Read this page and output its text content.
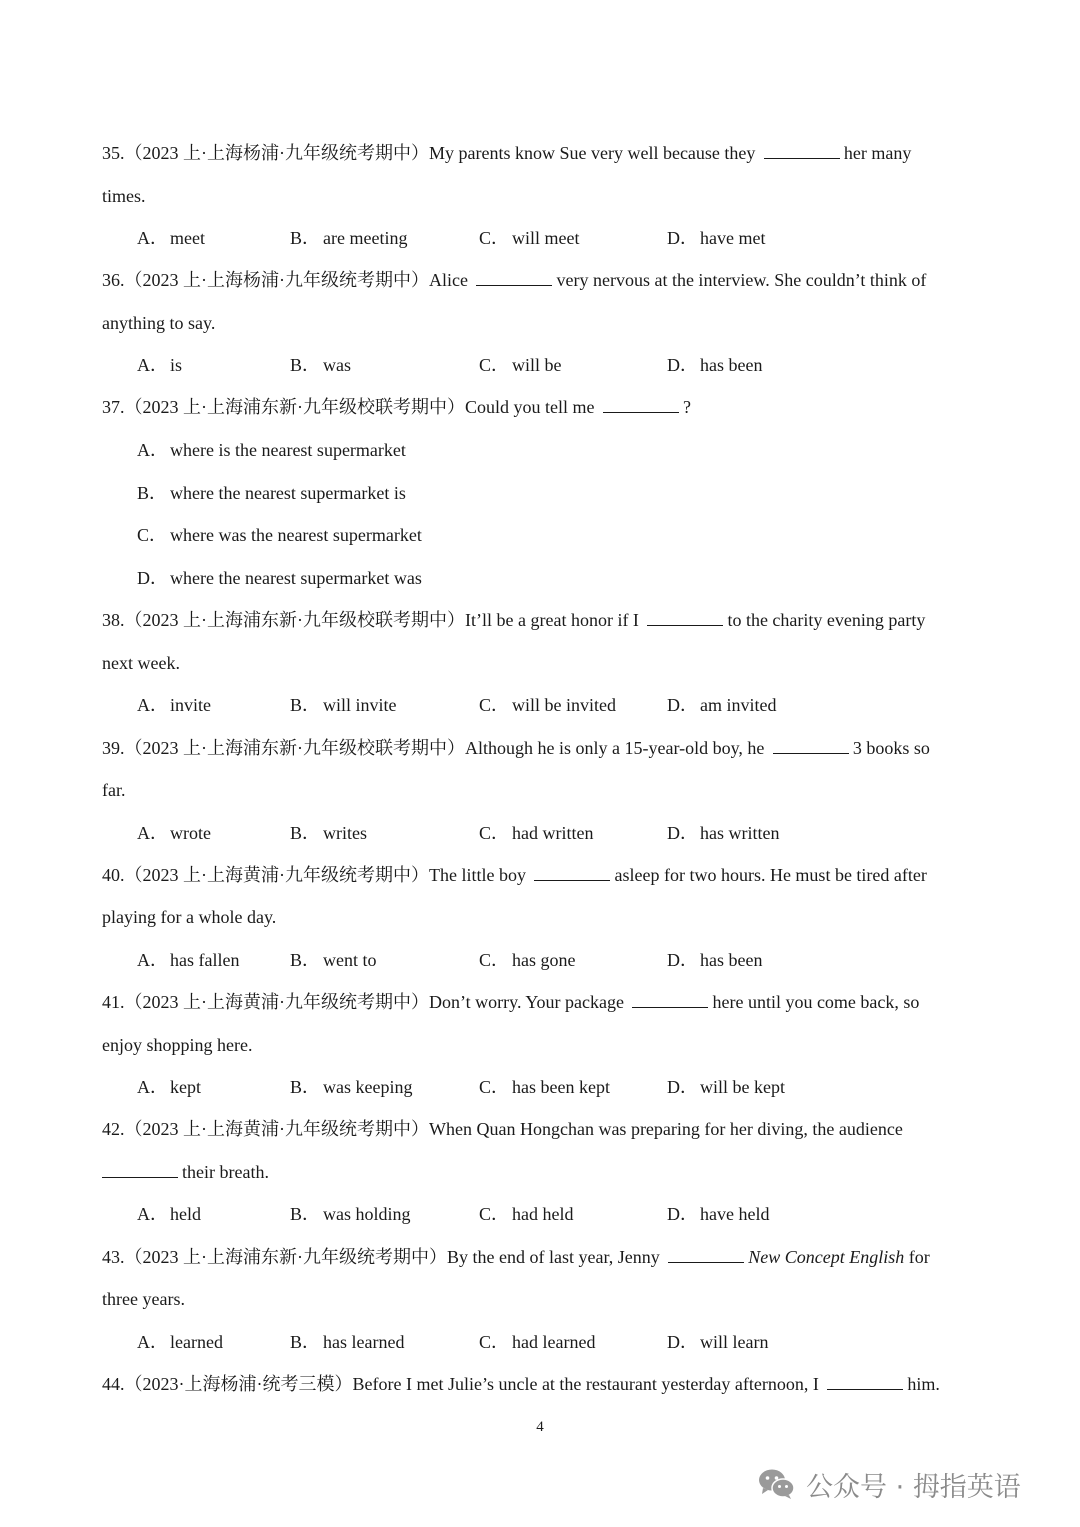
35.（2023 上·上海杨浦·九年级统考期中）My parents know Sue very well because they	her many
times.
A． meet	B． are meeting	C． will meet	D． have met
36.（2023 上·上海杨浦·九年级统考期中）Alice	very nervous at the interview. She couldn’t think of
anything to say.
A． is	B． was	C． will be	D． has been
37.（2023 上·上海浦东新·九年级校联考期中）Could you tell me	?
A． where is the nearest supermarket
B． where the nearest supermarket is
C． where was the nearest supermarket
D． where the nearest supermarket was
38.（2023 上·上海浦东新·九年级校联考期中）It’ll be a great honor if I	to the charity evening party
next week.
A． invite	B． will invite	C． will be invited	D． am invited
39.（2023 上·上海浦东新·九年级校联考期中）Although he is only a 15-year-old boy, he	3 books so
far.
A． wrote	B． writes	C． had written	D． has written
40.（2023 上·上海黄浦·九年级统考期中）The little boy	asleep for two hours. He must be tired after
playing for a whole day.
A． has fallen	B． went to	C． has gone	D． has been
41.（2023 上·上海黄浦·九年级统考期中）Don’t worry. Your package	here until you come back, so
enjoy shopping here.
A． kept	B． was keeping	C． has been kept	D． will be kept
42.（2023 上·上海黄浦·九年级统考期中）When Quan Hongchan was preparing for her diving, the audience
their breath.
A． held	B． was holding	C． had held	D． have held
43.（2023 上·上海浦东新·九年级统考期中）By the end of last year, Jenny	New Concept English for
three years.
A． learned	B． has learned	C． had learned	D． will learn
44.（2023·上海杨浦·统考三模）Before I met Julie’s uncle at the restaurant yesterday afternoon, I	him.
4
公众号 · 拇指英语
